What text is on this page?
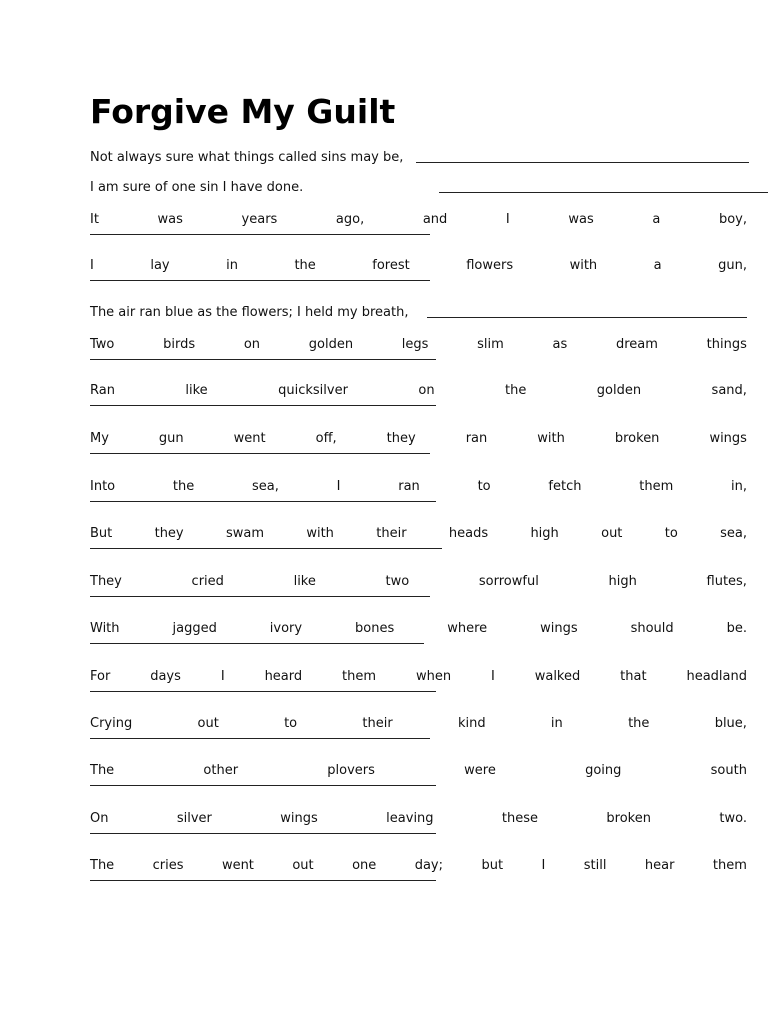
Forgive My Guilt
Not always sure what things called sins may be,
I am sure of one sin I have done.
It	was	years	ago,	and	I	was	a	boy,
I	lay	in	the	forest	flowers	with	a	gun,
The air ran blue as the flowers; I held my breath,
Two	birds	on	golden	legs	slim	as	dream	things
Ran	like	quicksilver	on	the	golden	sand,
My	gun	went	off,	they	ran	with	broken	wings
Into	the	sea,	I	ran	to	fetch	them	in,
But	they	swam	with	their	heads	high	out	to	sea,
They	cried	like	two	sorrowful	high	flutes,
With	jagged	ivory	bones	where	wings	should	be.
For	days	I	heard	them	when	I	walked	that	headland
Crying	out	to	their	kind	in	the	blue,
The	other	plovers	were	going	south
On	silver	wings	leaving	these	broken	two.
The	cries	went	out	one	day;	but	I	still	hear	them
